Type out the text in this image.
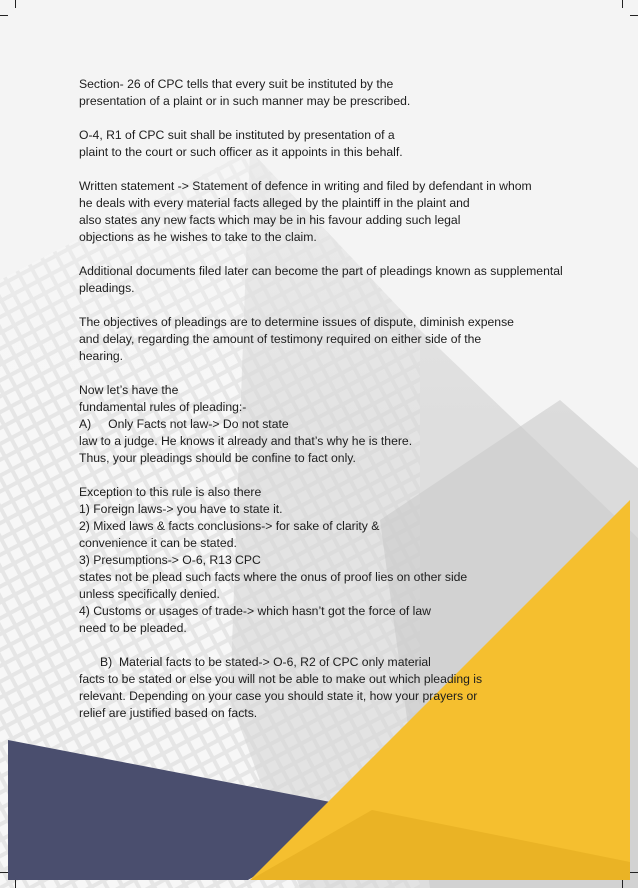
Section- 26 of CPC tells that every suit be instituted by the
presentation of a plaint or in such manner may be prescribed.

O-4, R1 of CPC suit shall be instituted by presentation of a
plaint to the court or such officer as it appoints in this behalf.

Written statement -> Statement of defence in writing and filed by defendant in whom
he deals with every material facts alleged by the plaintiff in the plaint and
also states any new facts which may be in his favour adding such legal
objections as he wishes to take to the claim.

Additional documents filed later can become the part of pleadings known as supplemental
pleadings.

The objectives of pleadings are to determine issues of dispute, diminish expense
and delay, regarding the amount of testimony required on either side of the
hearing.

Now let’s have the
fundamental rules of pleading:-
A)     Only Facts not law-> Do not state
law to a judge. He knows it already and that’s why he is there.
Thus, your pleadings should be confine to fact only.

Exception to this rule is also there
1) Foreign laws-> you have to state it.
2) Mixed laws & facts conclusions-> for sake of clarity &
convenience it can be stated.
3) Presumptions-> O-6, R13 CPC
states not be plead such facts where the onus of proof lies on other side
unless specifically denied.
4) Customs or usages of trade-> which hasn’t got the force of law
need to be pleaded.

B)  Material facts to be stated-> O-6, R2 of CPC only material
facts to be stated or else you will not be able to make out which pleading is
relevant. Depending on your case you should state it, how your prayers or
relief are justified based on facts.
